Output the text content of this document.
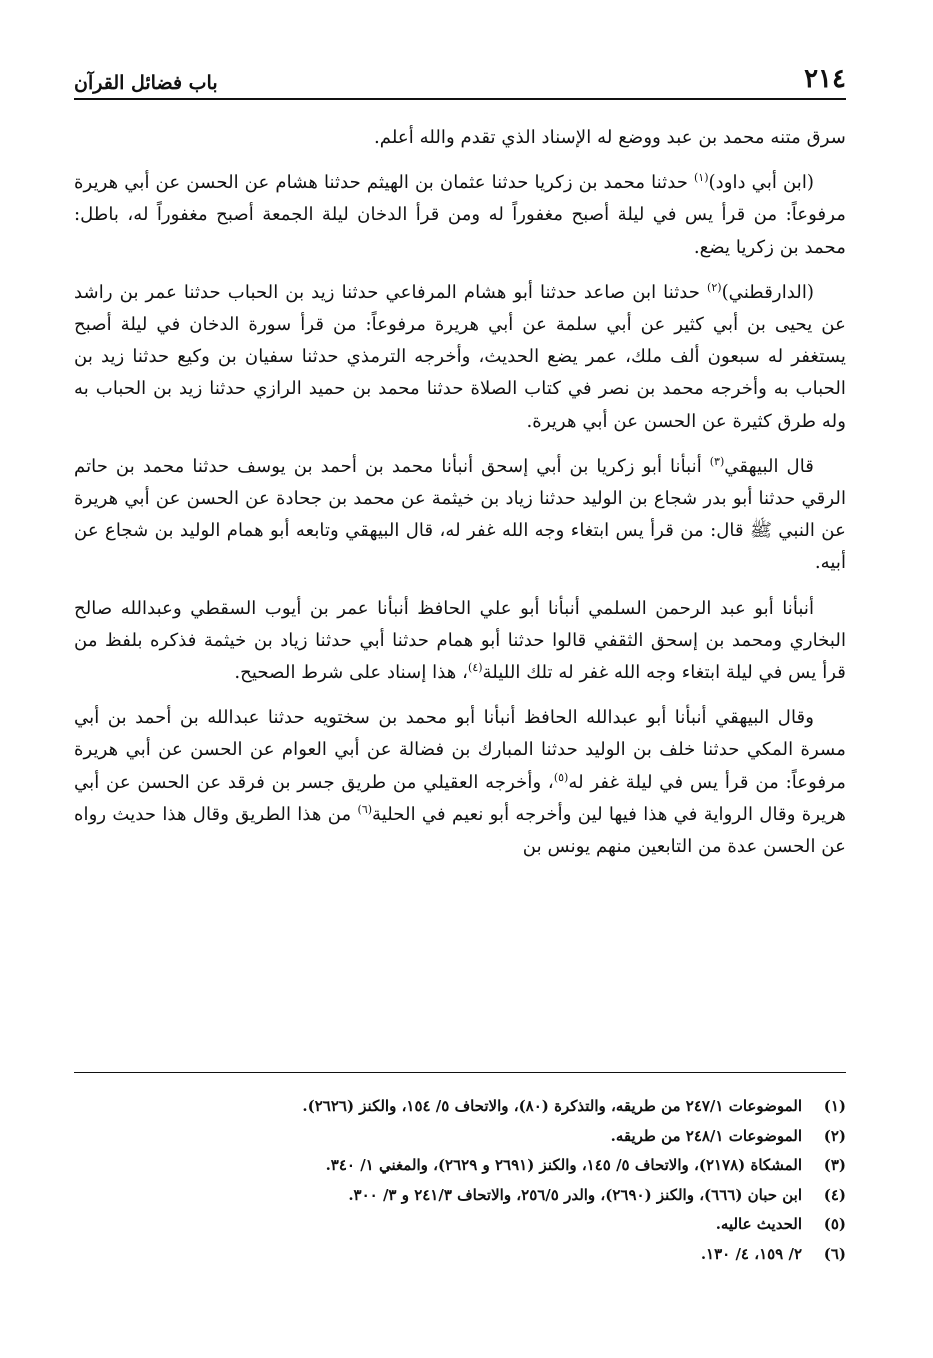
٢١٤
باب فضائل القرآن

سرق متنه محمد بن عبد ووضع له الإسناد الذي تقدم والله أعلم.

(ابن أبي داود)$^{(١)}$ حدثنا محمد بن زكريا حدثنا عثمان بن الهيثم حدثنا هشام عن الحسن عن أبي هريرة مرفوعاً: من قرأ يس في ليلة أصبح مغفوراً له ومن قرأ الدخان ليلة الجمعة أصبح مغفوراً له، باطل: محمد بن زكريا يضع.

(الدارقطني)$^{(٢)}$ حدثنا ابن صاعد حدثنا أبو هشام المرفاعي حدثنا زيد بن الحباب حدثنا عمر بن راشد عن يحيى بن أبي كثير عن أبي سلمة عن أبي هريرة مرفوعاً: من قرأ سورة الدخان في ليلة أصبح يستغفر له سبعون ألف ملك، عمر يضع الحديث، وأخرجه الترمذي حدثنا سفيان بن وكيع حدثنا زيد بن الحباب به وأخرجه محمد بن نصر في كتاب الصلاة حدثنا محمد بن حميد الرازي حدثنا زيد بن الحباب به وله طرق كثيرة عن الحسن عن أبي هريرة.

قال البيهقي$^{(٣)}$ أنبأنا أبو زكريا بن أبي إسحق أنبأنا محمد بن أحمد بن يوسف حدثنا محمد بن حاتم الرقي حدثنا أبو بدر شجاع بن الوليد حدثنا زياد بن خيثمة عن محمد بن جحادة عن الحسن عن أبي هريرة عن النبي ﷺ قال: من قرأ يس ابتغاء وجه الله غفر له، قال البيهقي وتابعه أبو همام الوليد بن شجاع عن أبيه.

أنبأنا أبو عبد الرحمن السلمي أنبأنا أبو علي الحافظ أنبأنا عمر بن أيوب السقطي وعبدالله صالح البخاري ومحمد بن إسحق الثقفي قالوا حدثنا أبو همام حدثنا أبي حدثنا زياد بن خيثمة فذكره بلفظ من قرأ يس في ليلة ابتغاء وجه الله غفر له تلك الليلة$^{(٤)}$، هذا إسناد على شرط الصحيح.

وقال البيهقي أنبأنا أبو عبدالله الحافظ أنبأنا أبو محمد بن سختويه حدثنا عبدالله بن أحمد بن أبي مسرة المكي حدثنا خلف بن الوليد حدثنا المبارك بن فضالة عن أبي العوام عن الحسن عن أبي هريرة مرفوعاً: من قرأ يس في ليلة غفر له$^{(٥)}$، وأخرجه العقيلي من طريق جسر بن فرقد عن الحسن عن أبي هريرة وقال الرواية في هذا فيها لين وأخرجه أبو نعيم في الحلية$^{(٦)}$ من هذا الطريق وقال هذا حديث رواه عن الحسن عدة من التابعين منهم يونس بن

(١)
الموضوعات ٢٤٧/١ من طريقه، والتذكرة (٨٠)، والاتحاف ٥/ ١٥٤، والكنز (٢٦٢٦).
(٢)
الموضوعات ٢٤٨/١ من طريقه.
(٣)
المشكاة (٢١٧٨)، والاتحاف ٥/ ١٤٥، والكنز (٢٦٩١ و ٢٦٢٩)، والمغني ١/ ٣٤٠.
(٤)
ابن حبان (٦٦٦)، والكنز (٢٦٩٠)، والدر ٢٥٦/٥، والاتحاف ٢٤١/٣ و ٣/ ٣٠٠.
(٥)
الحديث عاليه.
(٦)
٢/ ١٥٩، ٤/ ١٣٠.
